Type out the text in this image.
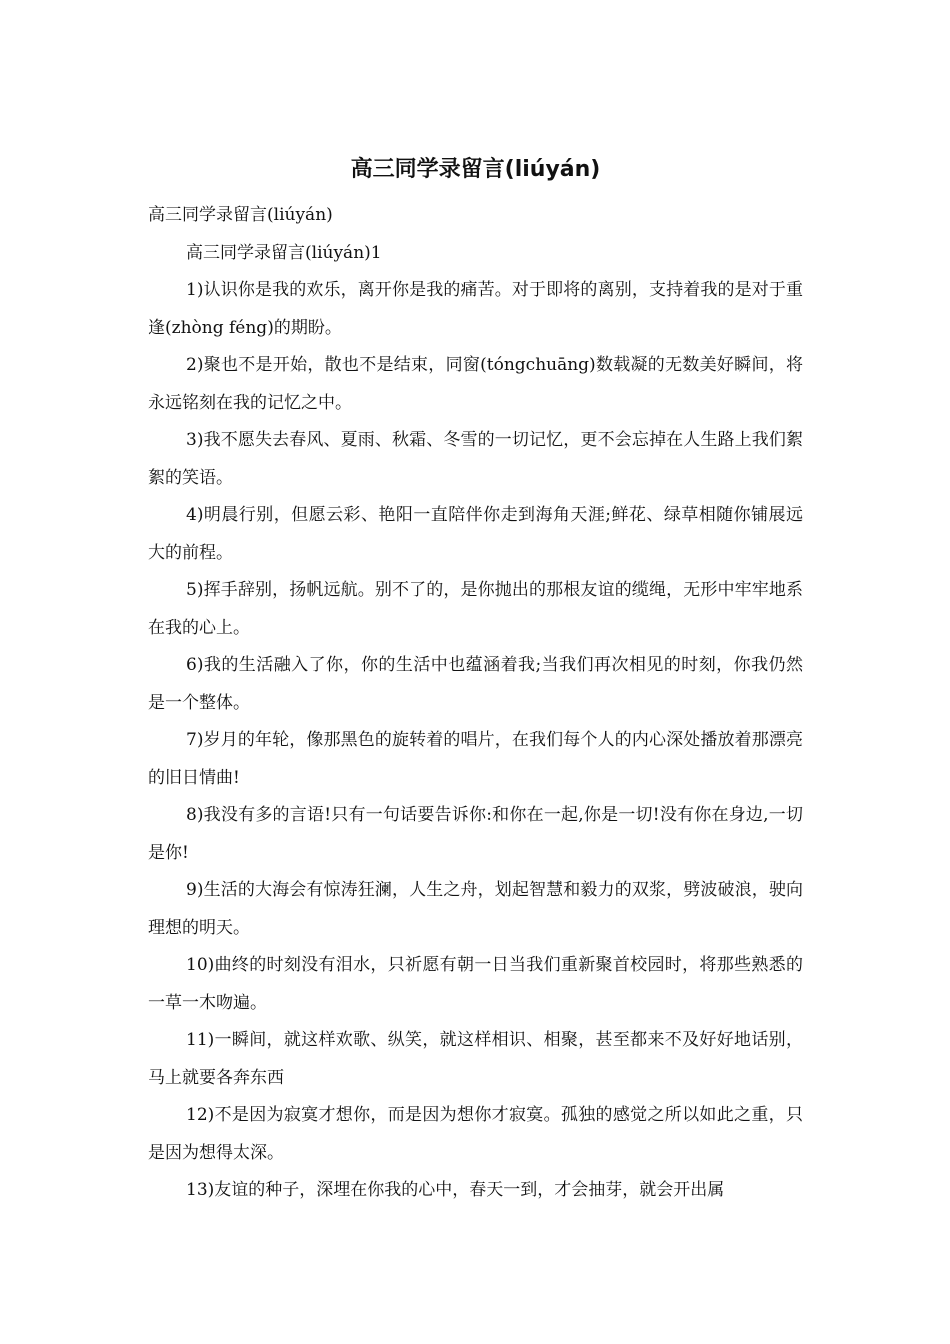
高三同学录留言(liúyán)

高三同学录留言(liúyán)

高三同学录留言(liúyán)1

1)认识你是我的欢乐，离开你是我的痛苦。对于即将的离别，支持着我的是对于重逢(zhòng féng)的期盼。

2)聚也不是开始，散也不是结束，同窗(tóngchuāng)数载凝的无数美好瞬间，将永远铭刻在我的记忆之中。

3)我不愿失去春风、夏雨、秋霜、冬雪的一切记忆，更不会忘掉在人生路上我们絮絮的笑语。

4)明晨行别，但愿云彩、艳阳一直陪伴你走到海角天涯;鲜花、绿草相随你铺展远大的前程。

5)挥手辞别，扬帆远航。别不了的，是你抛出的那根友谊的缆绳，无形中牢牢地系在我的心上。

6)我的生活融入了你，你的生活中也蕴涵着我;当我们再次相见的时刻，你我仍然是一个整体。

7)岁月的年轮，像那黑色的旋转着的唱片，在我们每个人的内心深处播放着那漂亮的旧日情曲!

8)我没有多的言语!只有一句话要告诉你:和你在一起,你是一切!没有你在身边,一切是你!

9)生活的大海会有惊涛狂澜，人生之舟，划起智慧和毅力的双浆，劈波破浪，驶向理想的明天。

10)曲终的时刻没有泪水，只祈愿有朝一日当我们重新聚首校园时，将那些熟悉的一草一木吻遍。

11)一瞬间，就这样欢歌、纵笑，就这样相识、相聚，甚至都来不及好好地话别，马上就要各奔东西

12)不是因为寂寞才想你，而是因为想你才寂寞。孤独的感觉之所以如此之重，只是因为想得太深。

13)友谊的种子，深埋在你我的心中，春天一到，才会抽芽，就会开出属
